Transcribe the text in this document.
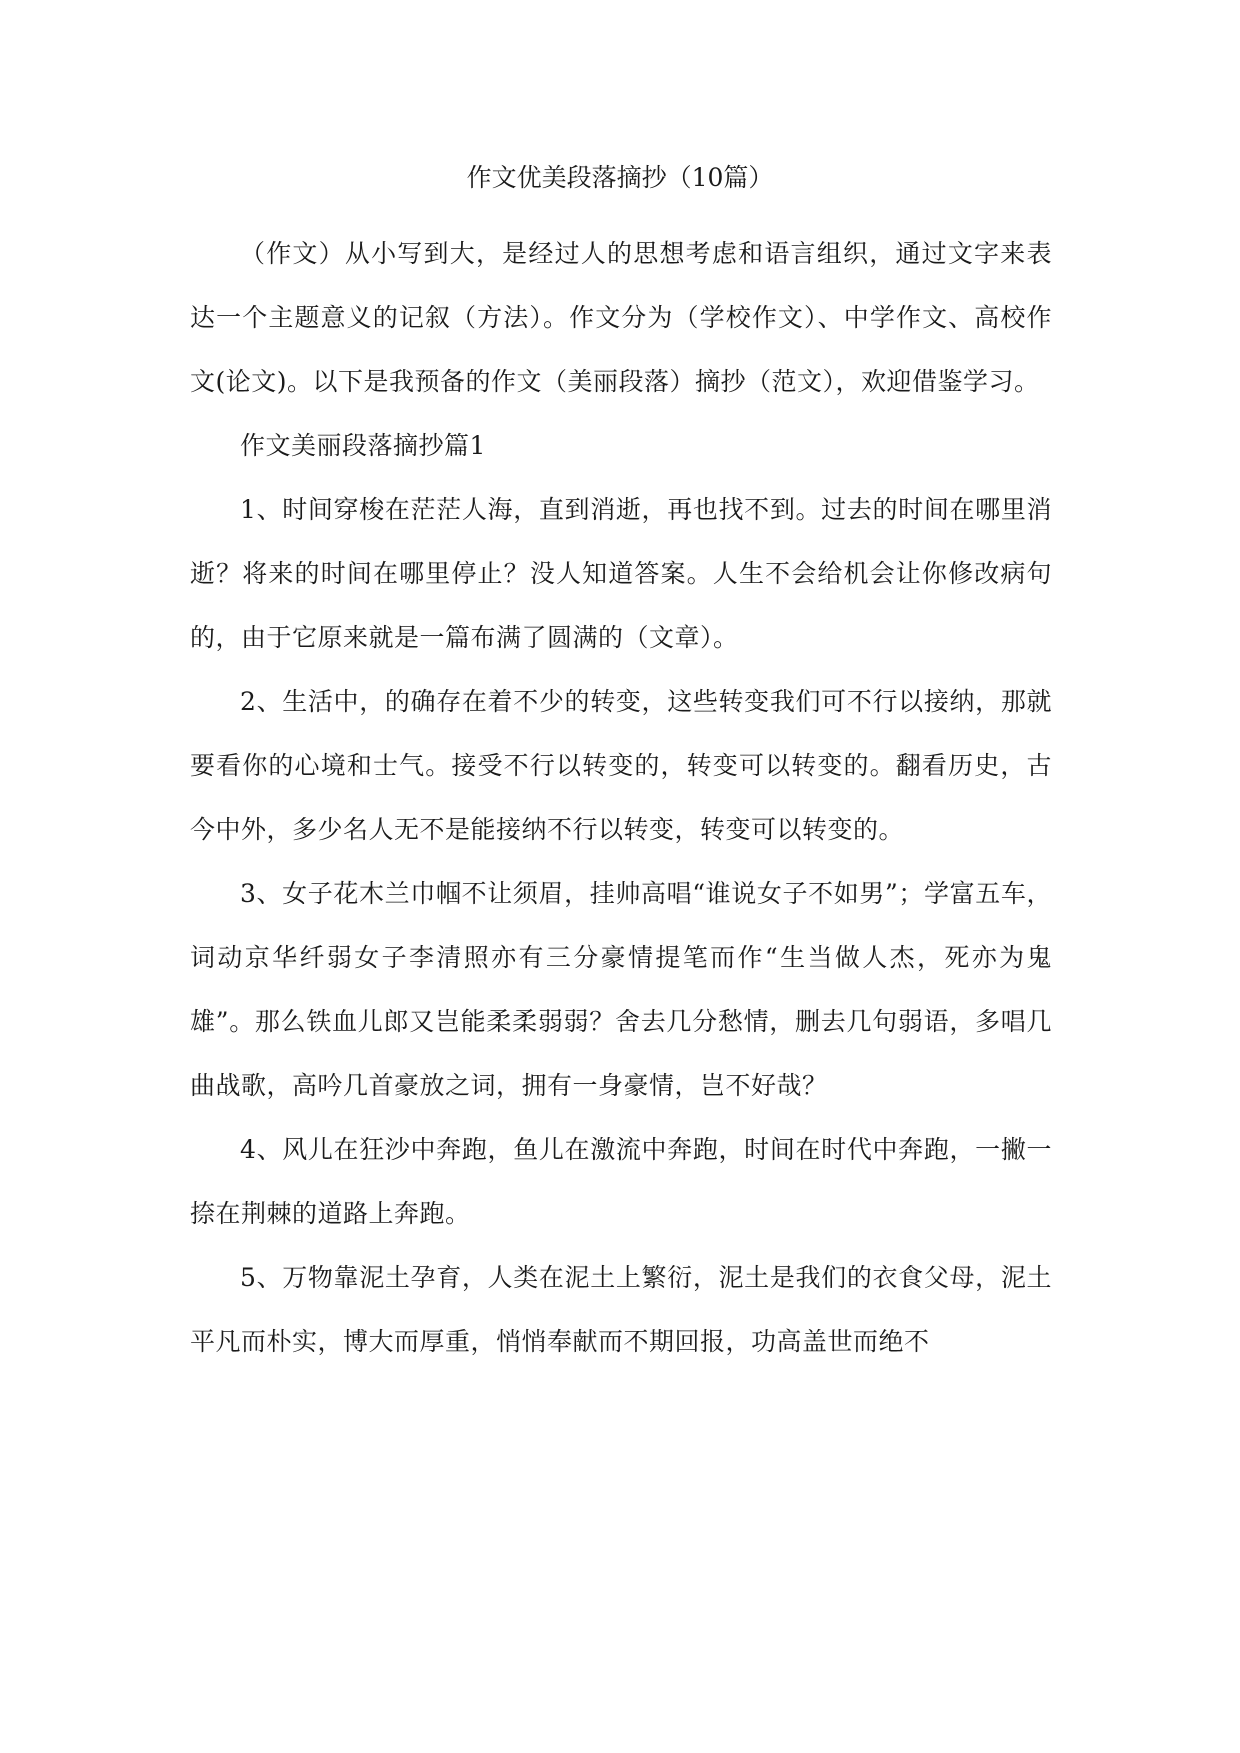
作文优美段落摘抄（10篇）

（作文）从小写到大，是经过人的思想考虑和语言组织，通过文字来表达一个主题意义的记叙（方法）。作文分为（学校作文）、中学作文、高校作文(论文)。以下是我预备的作文（美丽段落）摘抄（范文），欢迎借鉴学习。

作文美丽段落摘抄篇1

1、时间穿梭在茫茫人海，直到消逝，再也找不到。过去的时间在哪里消逝？将来的时间在哪里停止？没人知道答案。人生不会给机会让你修改病句的，由于它原来就是一篇布满了圆满的（文章）。

2、生活中，的确存在着不少的转变，这些转变我们可不行以接纳，那就要看你的心境和士气。接受不行以转变的，转变可以转变的。翻看历史，古今中外，多少名人无不是能接纳不行以转变，转变可以转变的。

3、女子花木兰巾帼不让须眉，挂帅高唱“谁说女子不如男”；学富五车，词动京华纤弱女子李清照亦有三分豪情提笔而作“生当做人杰，死亦为鬼雄”。那么铁血儿郎又岂能柔柔弱弱？舍去几分愁情，删去几句弱语，多唱几曲战歌，高吟几首豪放之词，拥有一身豪情，岂不好哉？

4、风儿在狂沙中奔跑，鱼儿在激流中奔跑，时间在时代中奔跑，一撇一捺在荆棘的道路上奔跑。

5、万物靠泥土孕育，人类在泥土上繁衍，泥土是我们的衣食父母，泥土平凡而朴实，博大而厚重，悄悄奉献而不期回报，功高盖世而绝不
